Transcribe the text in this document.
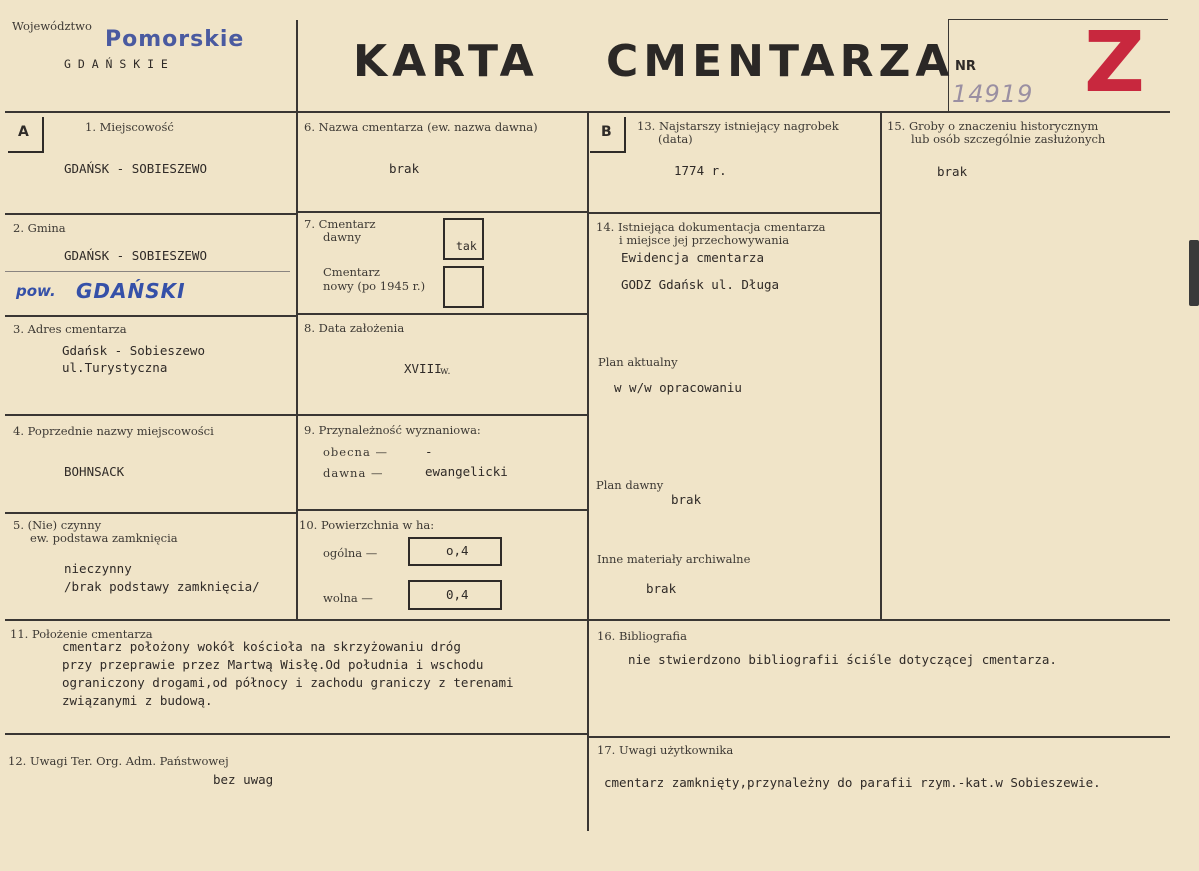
Województwo
Pomorskie
G D A Ń S K I E	KARTA CMENTARZA NR
14919 Z
A	B
1. Miejscowość
GDAŃSK - SOBIESZEWO
2. Gmina
GDAŃSK - SOBIESZEWO
pow. GDAŃSKI
3. Adres cmentarza
Gdańsk - Sobieszewo
ul.Turystyczna
4. Poprzednie nazwy miejscowości
BOHNSACK
5. (Nie) czynny
ew. podstawa zamknięcia
nieczynny
/brak podstawy zamknięcia/
6. Nazwa cmentarza (ew. nazwa dawna)
brak
7. Cmentarz
dawny
tak
Cmentarz
nowy (po 1945 r.)
8. Data założenia
XVIII
w.
9. Przynależność wyznaniowa:
obecna —	-
dawna —	ewangelicki
10. Powierzchnia w ha:
ogólna —	o,4
wolna —	0,4
11. Położenie cmentarza
cmentarz położony wokół kościoła na skrzyżowaniu dróg
przy przeprawie przez Martwą Wisłę.Od południa i wschodu
ograniczony drogami,od północy i zachodu graniczy z terenami
związanymi z budową.
12. Uwagi Ter. Org. Adm. Państwowej
bez uwag
13. Najstarszy istniejący nagrobek
(data)
1774 r.
14. Istniejąca dokumentacja cmentarza
i miejsce jej przechowywania
Ewidencja cmentarza
GODZ Gdańsk ul. Długa
Plan aktualny
w w/w opracowaniu
Plan dawny
brak
Inne materiały archiwalne
brak
15. Groby o znaczeniu historycznym
lub osób szczególnie zasłużonych
brak
16. Bibliografia
nie stwierdzono bibliografii ściśle dotyczącej cmentarza.
17. Uwagi użytkownika
cmentarz zamknięty,przynależny do parafii rzym.-kat.w Sobieszewie.
